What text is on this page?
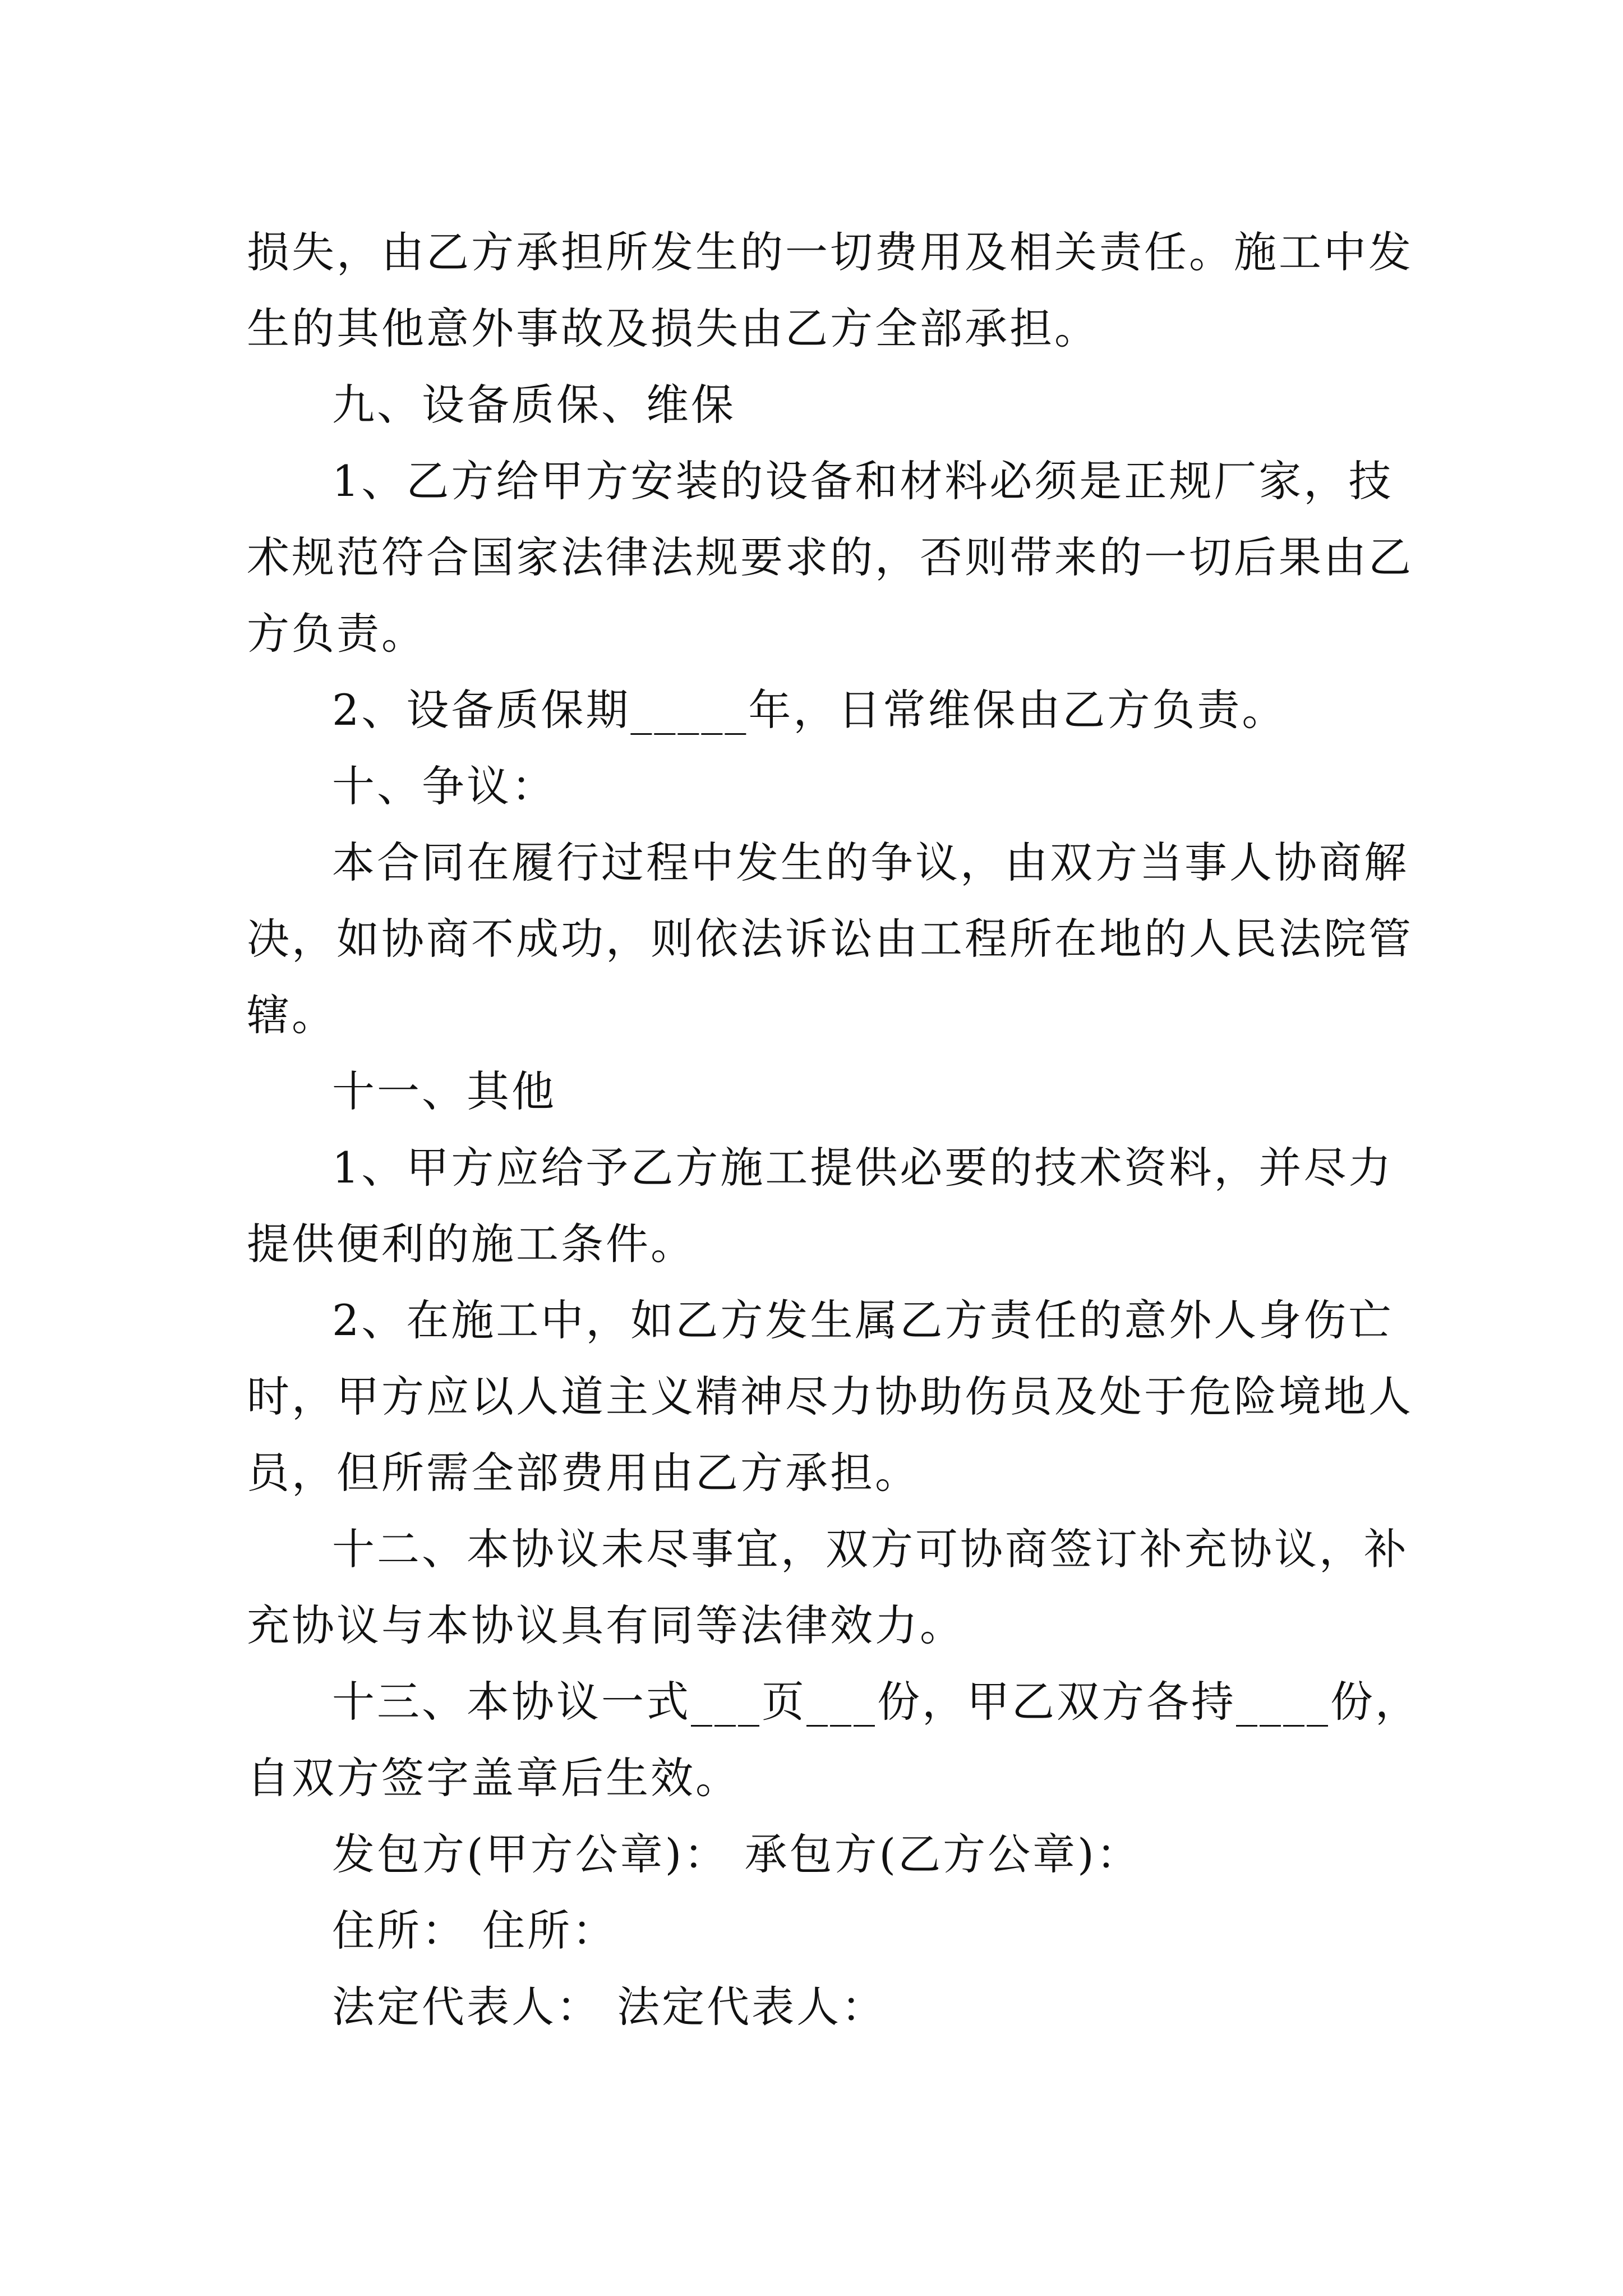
损失，由乙方承担所发生的一切费用及相关责任。施工中发

生的其他意外事故及损失由乙方全部承担。

九、设备质保、维保

1、乙方给甲方安装的设备和材料必须是正规厂家，技

术规范符合国家法律法规要求的，否则带来的一切后果由乙

方负责。

2、设备质保期_____年，日常维保由乙方负责。

十、争议：

本合同在履行过程中发生的争议，由双方当事人协商解

决，如协商不成功，则依法诉讼由工程所在地的人民法院管

辖。

十一、其他

1、甲方应给予乙方施工提供必要的技术资料，并尽力

提供便利的施工条件。

2、在施工中，如乙方发生属乙方责任的意外人身伤亡

时，甲方应以人道主义精神尽力协助伤员及处于危险境地人

员，但所需全部费用由乙方承担。

十二、本协议未尽事宜，双方可协商签订补充协议，补

充协议与本协议具有同等法律效力。

十三、本协议一式___页___份，甲乙双方各持____份，

自双方签字盖章后生效。

发包方(甲方公章)： 承包方(乙方公章)：

住所： 住所：

法定代表人： 法定代表人：
